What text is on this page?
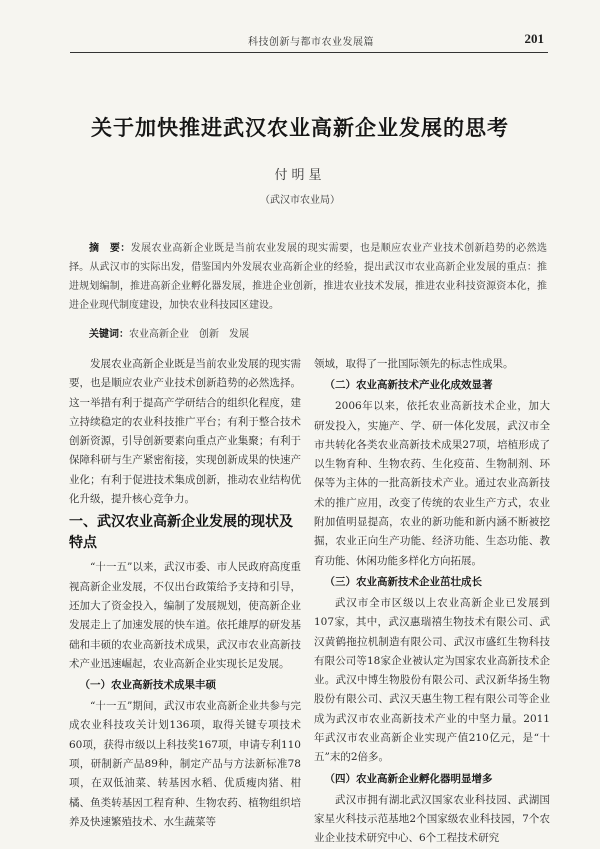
科技创新与都市农业发展篇	201
关于加快推进武汉农业高新企业发展的思考
付明星
（武汉市农业局）

摘　要：发展农业高新企业既是当前农业发展的现实需要，也是顺应农业产业技术创新趋势的必然选择。从武汉市的实际出发，借鉴国内外发展农业高新企业的经验，提出武汉市农业高新企业发展的重点：推进规划编制，推进高新企业孵化器发展，推进企业创新，推进农业技术发展，推进农业科技资源资本化，推进企业现代制度建设，加快农业科技园区建设。

关键词：农业高新企业　创新　发展

发展农业高新企业既是当前农业发展的现实需要，也是顺应农业产业技术创新趋势的必然选择。这一举措有利于提高产学研结合的组织化程度，建立持续稳定的农业科技推广平台；有利于整合技术创新资源，引导创新要素向重点产业集聚；有利于保障科研与生产紧密衔接，实现创新成果的快速产业化；有利于促进技术集成创新，推动农业结构优化升级，提升核心竞争力。

一、武汉农业高新企业发展的现状及特点

“十一五”以来，武汉市委、市人民政府高度重视高新企业发展，不仅出台政策给予支持和引导，还加大了资金投入，编制了发展规划，使高新企业发展走上了加速发展的快车道。依托雄厚的研发基础和丰硕的农业高新技术成果，武汉市农业高新技术产业迅速崛起，农业高新企业实现长足发展。

（一）农业高新技术成果丰硕

“十一五”期间，武汉市农业高新企业共参与完成农业科技攻关计划136项，取得关键专项技术60项，获得市级以上科技奖167项，申请专利110项，研制新产品89种，制定产品与方法新标准78项，在双低油菜、转基因水稻、优质瘦肉猪、柑橘、鱼类转基因工程育种、生物农药、植物组织培养及快速繁殖技术、水生蔬菜等

领域，取得了一批国际领先的标志性成果。

（二）农业高新技术产业化成效显著

2006年以来，依托农业高新技术企业，加大研发投入，实施产、学、研一体化发展，武汉市全市共转化各类农业高新技术成果27项，培植形成了以生物育种、生物农药、生化疫苗、生物制剂、环保等为主体的一批高新技术产业。通过农业高新技术的推广应用，改变了传统的农业生产方式，农业附加值明显提高，农业的新功能和新内涵不断被挖掘，农业正向生产功能、经济功能、生态功能、教育功能、休闲功能多样化方向拓展。

（三）农业高新技术企业茁壮成长

武汉市全市区级以上农业高新企业已发展到107家，其中，武汉惠瑞禧生物技术有限公司、武汉黄鹤拖拉机制造有限公司、武汉市盛红生物科技有限公司等18家企业被认定为国家农业高新技术企业。武汉中博生物股份有限公司、武汉新华扬生物股份有限公司、武汉天惠生物工程有限公司等企业成为武汉市农业高新技术产业的中坚力量。2011年武汉市农业高新企业实现产值210亿元，是“十五”末的2倍多。

（四）农业高新企业孵化器明显增多

武汉市拥有湖北武汉国家农业科技园、武湖国家星火科技示范基地2个国家级农业科技园，7个农业企业技术研究中心、6个工程技术研究
